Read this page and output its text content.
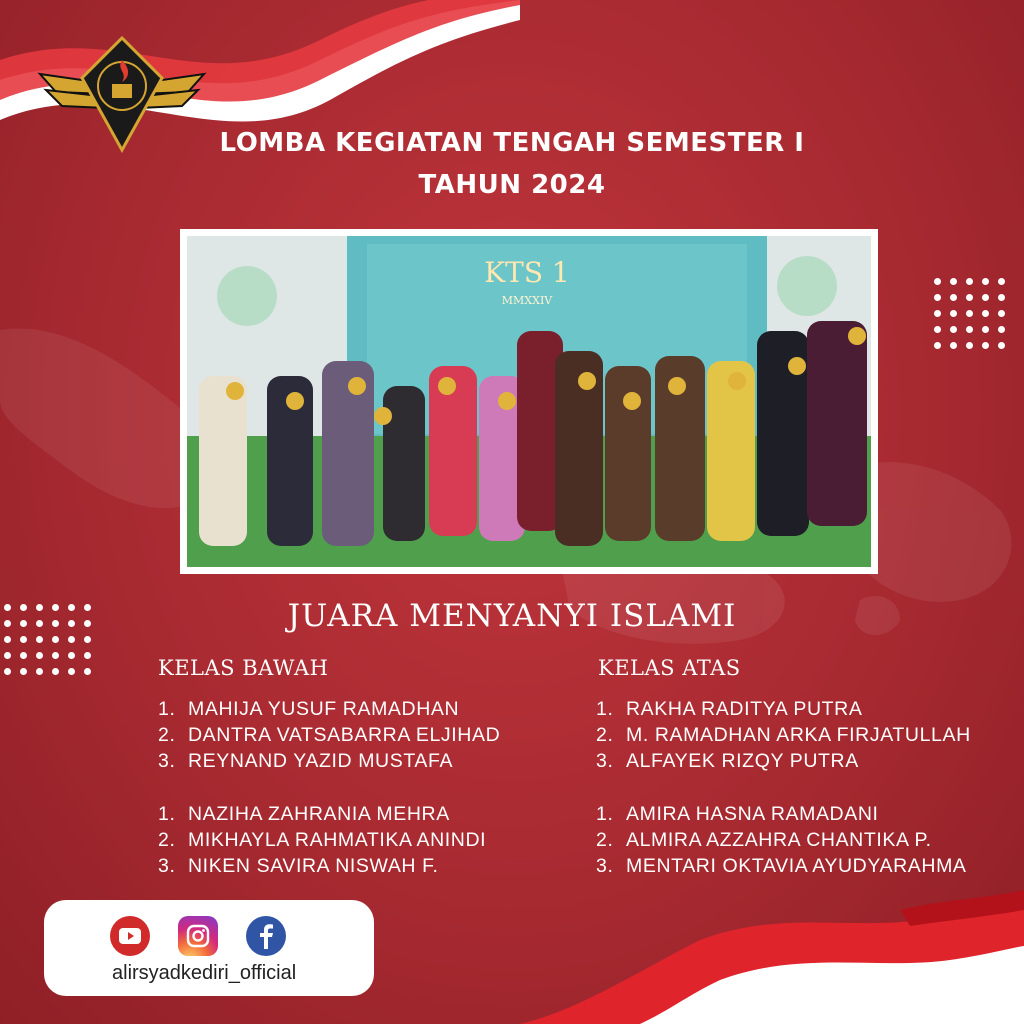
LOMBA KEGIATAN TENGAH SEMESTER I
TAHUN 2024
KTS 1
MMXXIV
JUARA MENYANYI ISLAMI
KELAS BAWAH	KELAS ATAS
1. MAHIJA YUSUF RAMADHAN
2. DANTRA VATSABARRA ELJIHAD
3. REYNAND YAZID MUSTAFA
1. NAZIHA ZAHRANIA MEHRA
2. MIKHAYLA RAHMATIKA ANINDI
3. NIKEN SAVIRA NISWAH F.
1. RAKHA RADITYA PUTRA
2. M. RAMADHAN ARKA FIRJATULLAH
3. ALFAYEK RIZQY PUTRA
1. AMIRA HASNA RAMADANI
2. ALMIRA AZZAHRA CHANTIKA P.
3. MENTARI OKTAVIA AYUDYARAHMA
alirsyadkediri_official
